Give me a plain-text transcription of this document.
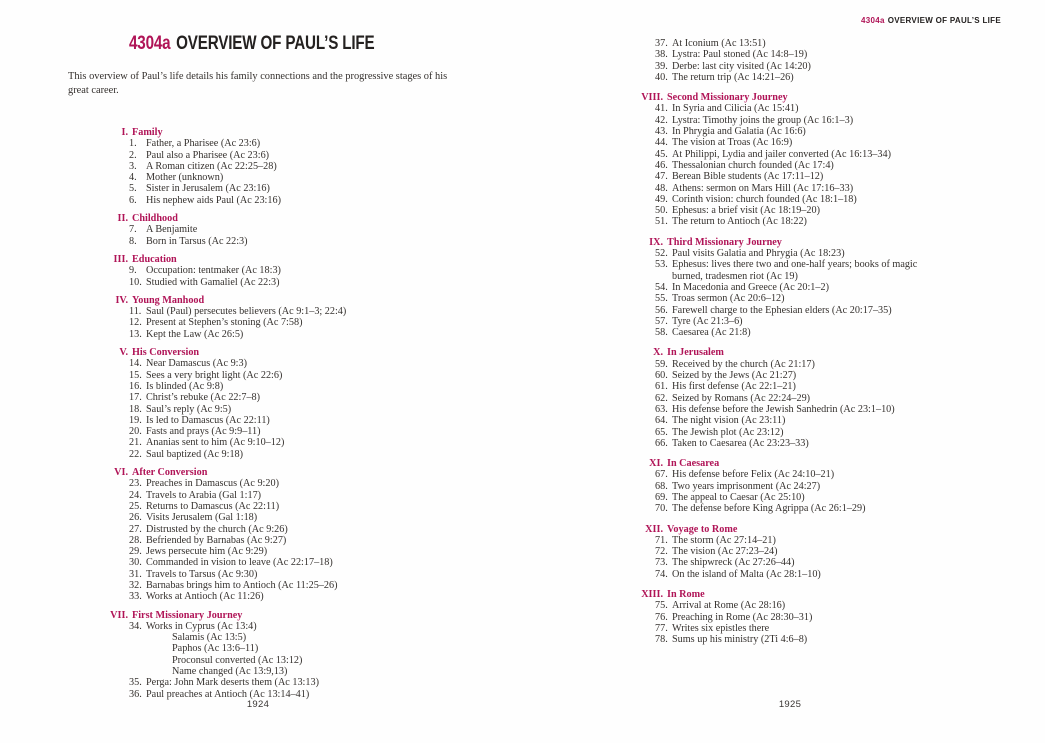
4304a OVERVIEW OF PAUL’S LIFE

This overview of Paul’s life details his family connections and the progressive stages of his great career.

I. Family
1. Father, a Pharisee (Ac 23:6)
2. Paul also a Pharisee (Ac 23:6)
3. A Roman citizen (Ac 22:25–28)
4. Mother (unknown)
5. Sister in Jerusalem (Ac 23:16)
6. His nephew aids Paul (Ac 23:16)
II. Childhood
7. A Benjamite
8. Born in Tarsus (Ac 22:3)
III. Education
9. Occupation: tentmaker (Ac 18:3)
10. Studied with Gamaliel (Ac 22:3)
IV. Young Manhood
11. Saul (Paul) persecutes believers (Ac 9:1–3; 22:4)
12. Present at Stephen’s stoning (Ac 7:58)
13. Kept the Law (Ac 26:5)
V. His Conversion
14. Near Damascus (Ac 9:3)
15. Sees a very bright light (Ac 22:6)
16. Is blinded (Ac 9:8)
17. Christ’s rebuke (Ac 22:7–8)
18. Saul’s reply (Ac 9:5)
19. Is led to Damascus (Ac 22:11)
20. Fasts and prays (Ac 9:9–11)
21. Ananias sent to him (Ac 9:10–12)
22. Saul baptized (Ac 9:18)
VI. After Conversion
23. Preaches in Damascus (Ac 9:20)
24. Travels to Arabia (Gal 1:17)
25. Returns to Damascus (Ac 22:11)
26. Visits Jerusalem (Gal 1:18)
27. Distrusted by the church (Ac 9:26)
28. Befriended by Barnabas (Ac 9:27)
29. Jews persecute him (Ac 9:29)
30. Commanded in vision to leave (Ac 22:17–18)
31. Travels to Tarsus (Ac 9:30)
32. Barnabas brings him to Antioch (Ac 11:25–26)
33. Works at Antioch (Ac 11:26)
VII. First Missionary Journey
34. Works in Cyprus (Ac 13:4)
Salamis (Ac 13:5)
Paphos (Ac 13:6–11)
Proconsul converted (Ac 13:12)
Name changed (Ac 13:9,13)
35. Perga: John Mark deserts them (Ac 13:13)
36. Paul preaches at Antioch (Ac 13:14–41)
1924
4304a OVERVIEW OF PAUL’S LIFE
37. At Iconium (Ac 13:51)
38. Lystra: Paul stoned (Ac 14:8–19)
39. Derbe: last city visited (Ac 14:20)
40. The return trip (Ac 14:21–26)
VIII. Second Missionary Journey
41. In Syria and Cilicia (Ac 15:41)
42. Lystra: Timothy joins the group (Ac 16:1–3)
43. In Phrygia and Galatia (Ac 16:6)
44. The vision at Troas (Ac 16:9)
45. At Philippi, Lydia and jailer converted (Ac 16:13–34)
46. Thessalonian church founded (Ac 17:4)
47. Berean Bible students (Ac 17:11–12)
48. Athens: sermon on Mars Hill (Ac 17:16–33)
49. Corinth vision: church founded (Ac 18:1–18)
50. Ephesus: a brief visit (Ac 18:19–20)
51. The return to Antioch (Ac 18:22)
IX. Third Missionary Journey
52. Paul visits Galatia and Phrygia (Ac 18:23)
53. Ephesus: lives there two and one-half years; books of magic burned, tradesmen riot (Ac 19)
54. In Macedonia and Greece (Ac 20:1–2)
55. Troas sermon (Ac 20:6–12)
56. Farewell charge to the Ephesian elders (Ac 20:17–35)
57. Tyre (Ac 21:3–6)
58. Caesarea (Ac 21:8)
X. In Jerusalem
59. Received by the church (Ac 21:17)
60. Seized by the Jews (Ac 21:27)
61. His first defense (Ac 22:1–21)
62. Seized by Romans (Ac 22:24–29)
63. His defense before the Jewish Sanhedrin (Ac 23:1–10)
64. The night vision (Ac 23:11)
65. The Jewish plot (Ac 23:12)
66. Taken to Caesarea (Ac 23:23–33)
XI. In Caesarea
67. His defense before Felix (Ac 24:10–21)
68. Two years imprisonment (Ac 24:27)
69. The appeal to Caesar (Ac 25:10)
70. The defense before King Agrippa (Ac 26:1–29)
XII. Voyage to Rome
71. The storm (Ac 27:14–21)
72. The vision (Ac 27:23–24)
73. The shipwreck (Ac 27:26–44)
74. On the island of Malta (Ac 28:1–10)
XIII. In Rome
75. Arrival at Rome (Ac 28:16)
76. Preaching in Rome (Ac 28:30–31)
77. Writes six epistles there
78. Sums up his ministry (2Ti 4:6–8)
1925
